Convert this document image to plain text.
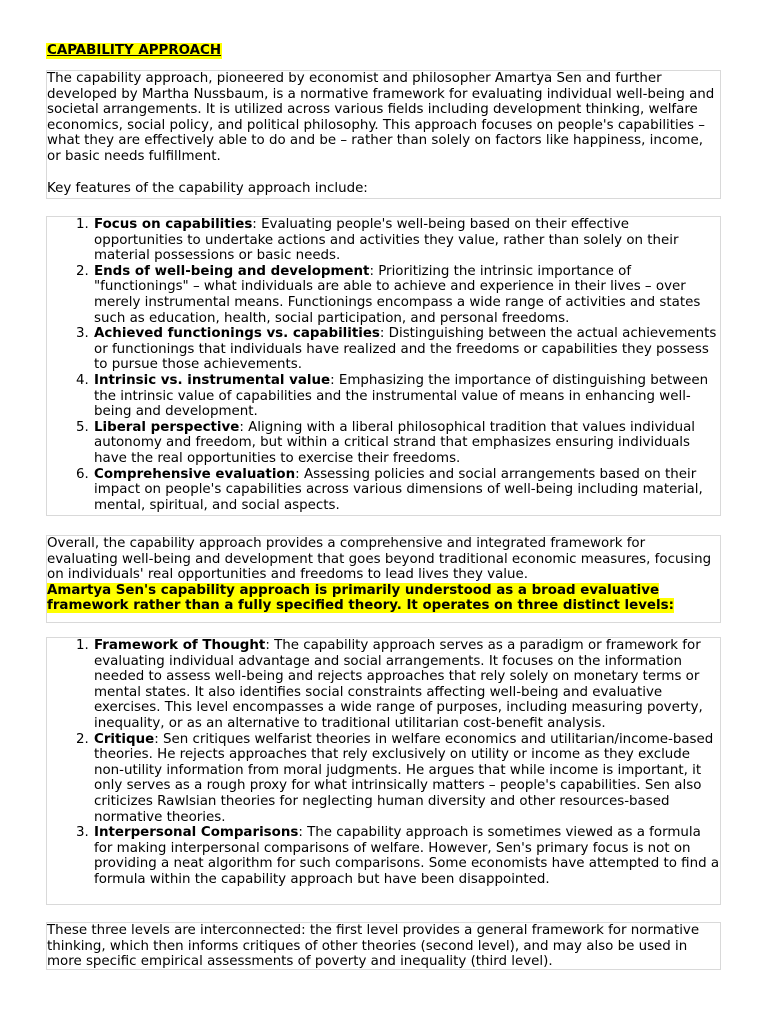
CAPABILITY APPROACH

The capability approach, pioneered by economist and philosopher Amartya Sen and further developed by Martha Nussbaum, is a normative framework for evaluating individual well-being and societal arrangements. It is utilized across various fields including development thinking, welfare economics, social policy, and political philosophy. This approach focuses on people's capabilities – what they are effectively able to do and be – rather than solely on factors like happiness, income, or basic needs fulfillment.

Key features of the capability approach include:

1. Focus on capabilities: Evaluating people's well-being based on their effective opportunities to undertake actions and activities they value, rather than solely on their material possessions or basic needs.
2. Ends of well-being and development: Prioritizing the intrinsic importance of "functionings" – what individuals are able to achieve and experience in their lives – over merely instrumental means. Functionings encompass a wide range of activities and states such as education, health, social participation, and personal freedoms.
3. Achieved functionings vs. capabilities: Distinguishing between the actual achievements or functionings that individuals have realized and the freedoms or capabilities they possess to pursue those achievements.
4. Intrinsic vs. instrumental value: Emphasizing the importance of distinguishing between the intrinsic value of capabilities and the instrumental value of means in enhancing well-being and development.
5. Liberal perspective: Aligning with a liberal philosophical tradition that values individual autonomy and freedom, but within a critical strand that emphasizes ensuring individuals have the real opportunities to exercise their freedoms.
6. Comprehensive evaluation: Assessing policies and social arrangements based on their impact on people's capabilities across various dimensions of well-being including material, mental, spiritual, and social aspects.

Overall, the capability approach provides a comprehensive and integrated framework for evaluating well-being and development that goes beyond traditional economic measures, focusing on individuals' real opportunities and freedoms to lead lives they value.

Amartya Sen's capability approach is primarily understood as a broad evaluative framework rather than a fully specified theory. It operates on three distinct levels:

1. Framework of Thought: The capability approach serves as a paradigm or framework for evaluating individual advantage and social arrangements. It focuses on the information needed to assess well-being and rejects approaches that rely solely on monetary terms or mental states. It also identifies social constraints affecting well-being and evaluative exercises. This level encompasses a wide range of purposes, including measuring poverty, inequality, or as an alternative to traditional utilitarian cost-benefit analysis.
2. Critique: Sen critiques welfarist theories in welfare economics and utilitarian/income-based theories. He rejects approaches that rely exclusively on utility or income as they exclude non-utility information from moral judgments. He argues that while income is important, it only serves as a rough proxy for what intrinsically matters – people's capabilities. Sen also criticizes Rawlsian theories for neglecting human diversity and other resources-based normative theories.
3. Interpersonal Comparisons: The capability approach is sometimes viewed as a formula for making interpersonal comparisons of welfare. However, Sen's primary focus is not on providing a neat algorithm for such comparisons. Some economists have attempted to find a formula within the capability approach but have been disappointed.

These three levels are interconnected: the first level provides a general framework for normative thinking, which then informs critiques of other theories (second level), and may also be used in more specific empirical assessments of poverty and inequality (third level).
